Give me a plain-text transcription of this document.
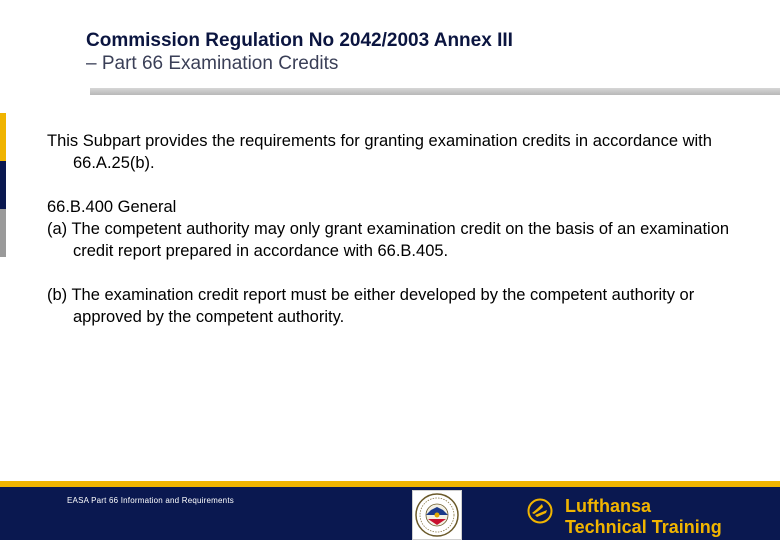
Commission Regulation No 2042/2003 Annex III
– Part 66 Examination Credits

This Subpart provides the requirements for granting examination credits in accordance with 66.A.25(b).

66.B.400 General

(a) The competent authority may only grant examination credit on the basis of an examination credit report prepared in accordance with 66.B.405.

(b) The examination credit report must be either developed by the competent authority or approved by the competent authority.

EASA Part 66 Information and Requirements	Lufthansa
Technical Training
